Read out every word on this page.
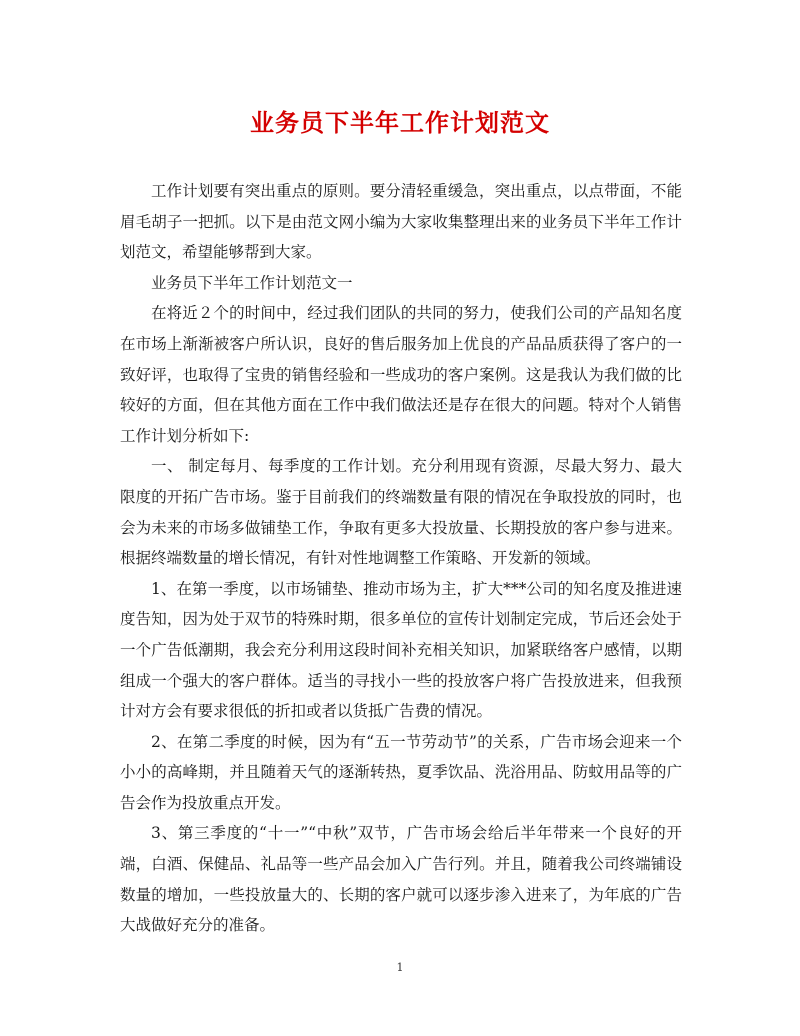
业务员下半年工作计划范文

工作计划要有突出重点的原则。要分清轻重缓急，突出重点，以点带面，不能眉毛胡子一把抓。以下是由范文网小编为大家收集整理出来的业务员下半年工作计划范文，希望能够帮到大家。

业务员下半年工作计划范文一

在将近２个的时间中，经过我们团队的共同的努力，使我们公司的产品知名度在市场上渐渐被客户所认识，良好的售后服务加上优良的产品品质获得了客户的一致好评，也取得了宝贵的销售经验和一些成功的客户案例。这是我认为我们做的比较好的方面，但在其他方面在工作中我们做法还是存在很大的问题。特对个人销售工作计划分析如下:

一、 制定每月、每季度的工作计划。充分利用现有资源，尽最大努力、最大限度的开拓广告市场。鉴于目前我们的终端数量有限的情况在争取投放的同时，也会为未来的市场多做铺垫工作，争取有更多大投放量、长期投放的客户参与进来。根据终端数量的增长情况，有针对性地调整工作策略、开发新的领域。

1、在第一季度，以市场铺垫、推动市场为主，扩大***公司的知名度及推进速度告知，因为处于双节的特殊时期，很多单位的宣传计划制定完成，节后还会处于一个广告低潮期，我会充分利用这段时间补充相关知识，加紧联络客户感情，以期组成一个强大的客户群体。适当的寻找小一些的投放客户将广告投放进来，但我预计对方会有要求很低的折扣或者以货抵广告费的情况。

2、在第二季度的时候，因为有“五一节劳动节”的关系，广告市场会迎来一个小小的高峰期，并且随着天气的逐渐转热，夏季饮品、洗浴用品、防蚊用品等的广告会作为投放重点开发。

3、第三季度的“十一”“中秋”双节，广告市场会给后半年带来一个良好的开端，白酒、保健品、礼品等一些产品会加入广告行列。并且，随着我公司终端铺设数量的增加，一些投放量大的、长期的客户就可以逐步渗入进来了，为年底的广告大战做好充分的准备。

1
